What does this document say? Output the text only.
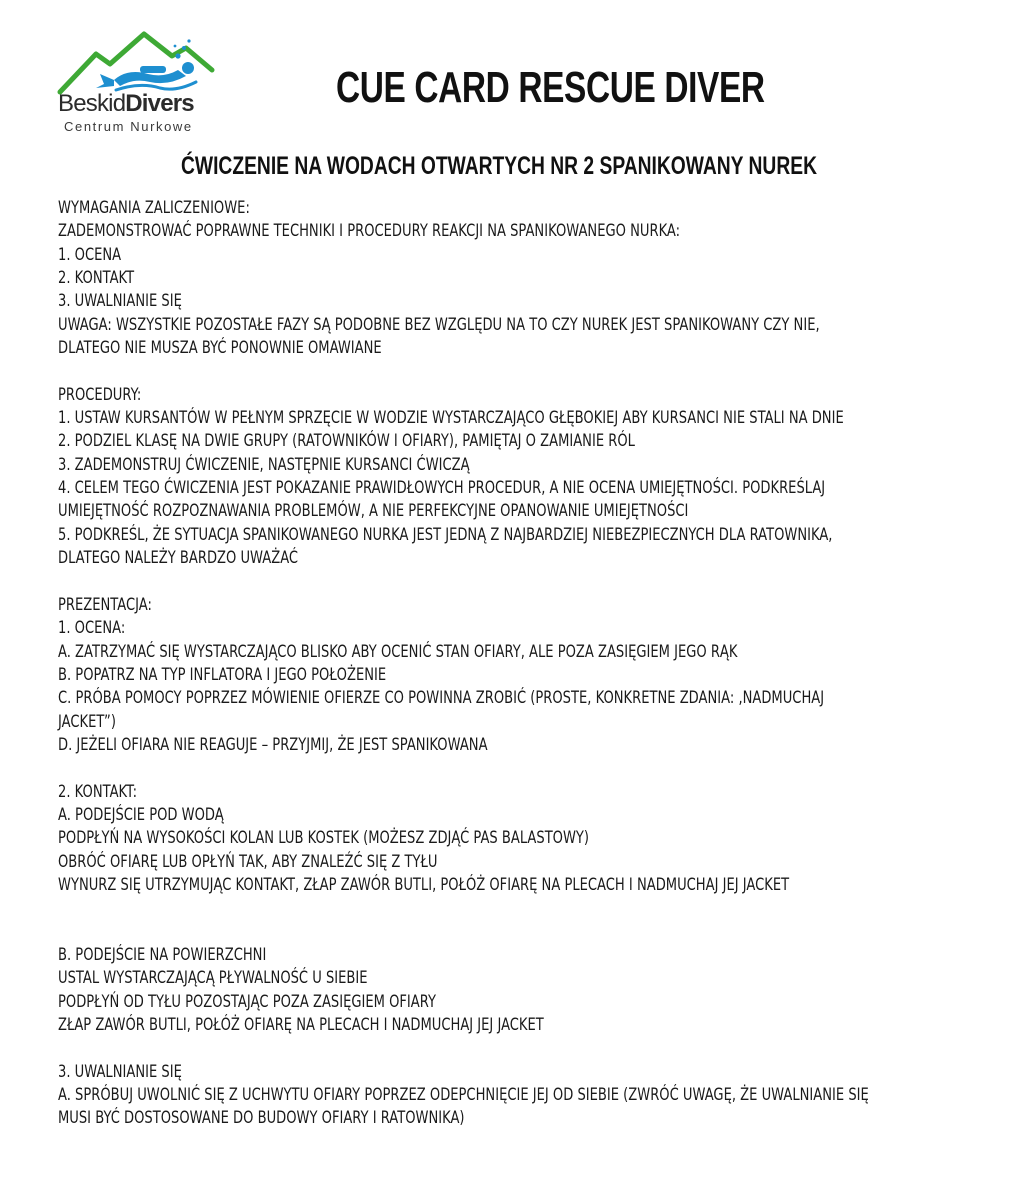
BeskidDivers
Centrum Nurkowe
CUE CARD RESCUE DIVER
ĆWICZENIE NA WODACH OTWARTYCH NR 2 SPANIKOWANY NUREK
WYMAGANIA ZALICZENIOWE:
ZADEMONSTROWAĆ POPRAWNE TECHNIKI I PROCEDURY REAKCJI NA SPANIKOWANEGO NURKA:
1. OCENA
2. KONTAKT
3. UWALNIANIE SIĘ
UWAGA: WSZYSTKIE POZOSTAŁE FAZY SĄ PODOBNE BEZ WZGLĘDU NA TO CZY NUREK JEST SPANIKOWANY CZY NIE,
DLATEGO NIE MUSZA BYĆ PONOWNIE OMAWIANE
PROCEDURY:
1. USTAW KURSANTÓW W PEŁNYM SPRZĘCIE W WODZIE WYSTARCZAJĄCO GŁĘBOKIEJ ABY KURSANCI NIE STALI NA DNIE
2. PODZIEL KLASĘ NA DWIE GRUPY (RATOWNIKÓW I OFIARY), PAMIĘTAJ O ZAMIANIE RÓL
3. ZADEMONSTRUJ ĆWICZENIE, NASTĘPNIE KURSANCI ĆWICZĄ
4. CELEM TEGO ĆWICZENIA JEST POKAZANIE PRAWIDŁOWYCH PROCEDUR, A NIE OCENA UMIEJĘTNOŚCI. PODKREŚLAJ
UMIEJĘTNOŚĆ ROZPOZNAWANIA PROBLEMÓW, A NIE PERFEKCYJNE OPANOWANIE UMIEJĘTNOŚCI
5. PODKREŚL, ŻE SYTUACJA SPANIKOWANEGO NURKA JEST JEDNĄ Z NAJBARDZIEJ NIEBEZPIECZNYCH DLA RATOWNIKA,
DLATEGO NALEŻY BARDZO UWAŻAĆ
PREZENTACJA:
1. OCENA:
A. ZATRZYMAĆ SIĘ WYSTARCZAJĄCO BLISKO ABY OCENIĆ STAN OFIARY, ALE POZA ZASIĘGIEM JEGO RĄK
B. POPATRZ NA TYP INFLATORA I JEGO POŁOŻENIE
C. PRÓBA POMOCY POPRZEZ MÓWIENIE OFIERZE CO POWINNA ZROBIĆ (PROSTE, KONKRETNE ZDANIA: ‚NADMUCHAJ
JACKET”)
D. JEŻELI OFIARA NIE REAGUJE – PRZYJMIJ, ŻE JEST SPANIKOWANA
2. KONTAKT:
A. PODEJŚCIE POD WODĄ
PODPŁYŃ NA WYSOKOŚCI KOLAN LUB KOSTEK (MOŻESZ ZDJĄĆ PAS BALASTOWY)
OBRÓĆ OFIARĘ LUB OPŁYŃ TAK, ABY ZNALEŹĆ SIĘ Z TYŁU
WYNURZ SIĘ UTRZYMUJĄC KONTAKT, ZŁAP ZAWÓR BUTLI, POŁÓŻ OFIARĘ NA PLECACH I NADMUCHAJ JEJ JACKET
B. PODEJŚCIE NA POWIERZCHNI
USTAL WYSTARCZAJĄCĄ PŁYWALNOŚĆ U SIEBIE
PODPŁYŃ OD TYŁU POZOSTAJĄC POZA ZASIĘGIEM OFIARY
ZŁAP ZAWÓR BUTLI, POŁÓŻ OFIARĘ NA PLECACH I NADMUCHAJ JEJ JACKET
3. UWALNIANIE SIĘ
A. SPRÓBUJ UWOLNIĆ SIĘ Z UCHWYTU OFIARY POPRZEZ ODEPCHNIĘCIE JEJ OD SIEBIE (ZWRÓĆ UWAGĘ, ŻE UWALNIANIE SIĘ
MUSI BYĆ DOSTOSOWANE DO BUDOWY OFIARY I RATOWNIKA)
